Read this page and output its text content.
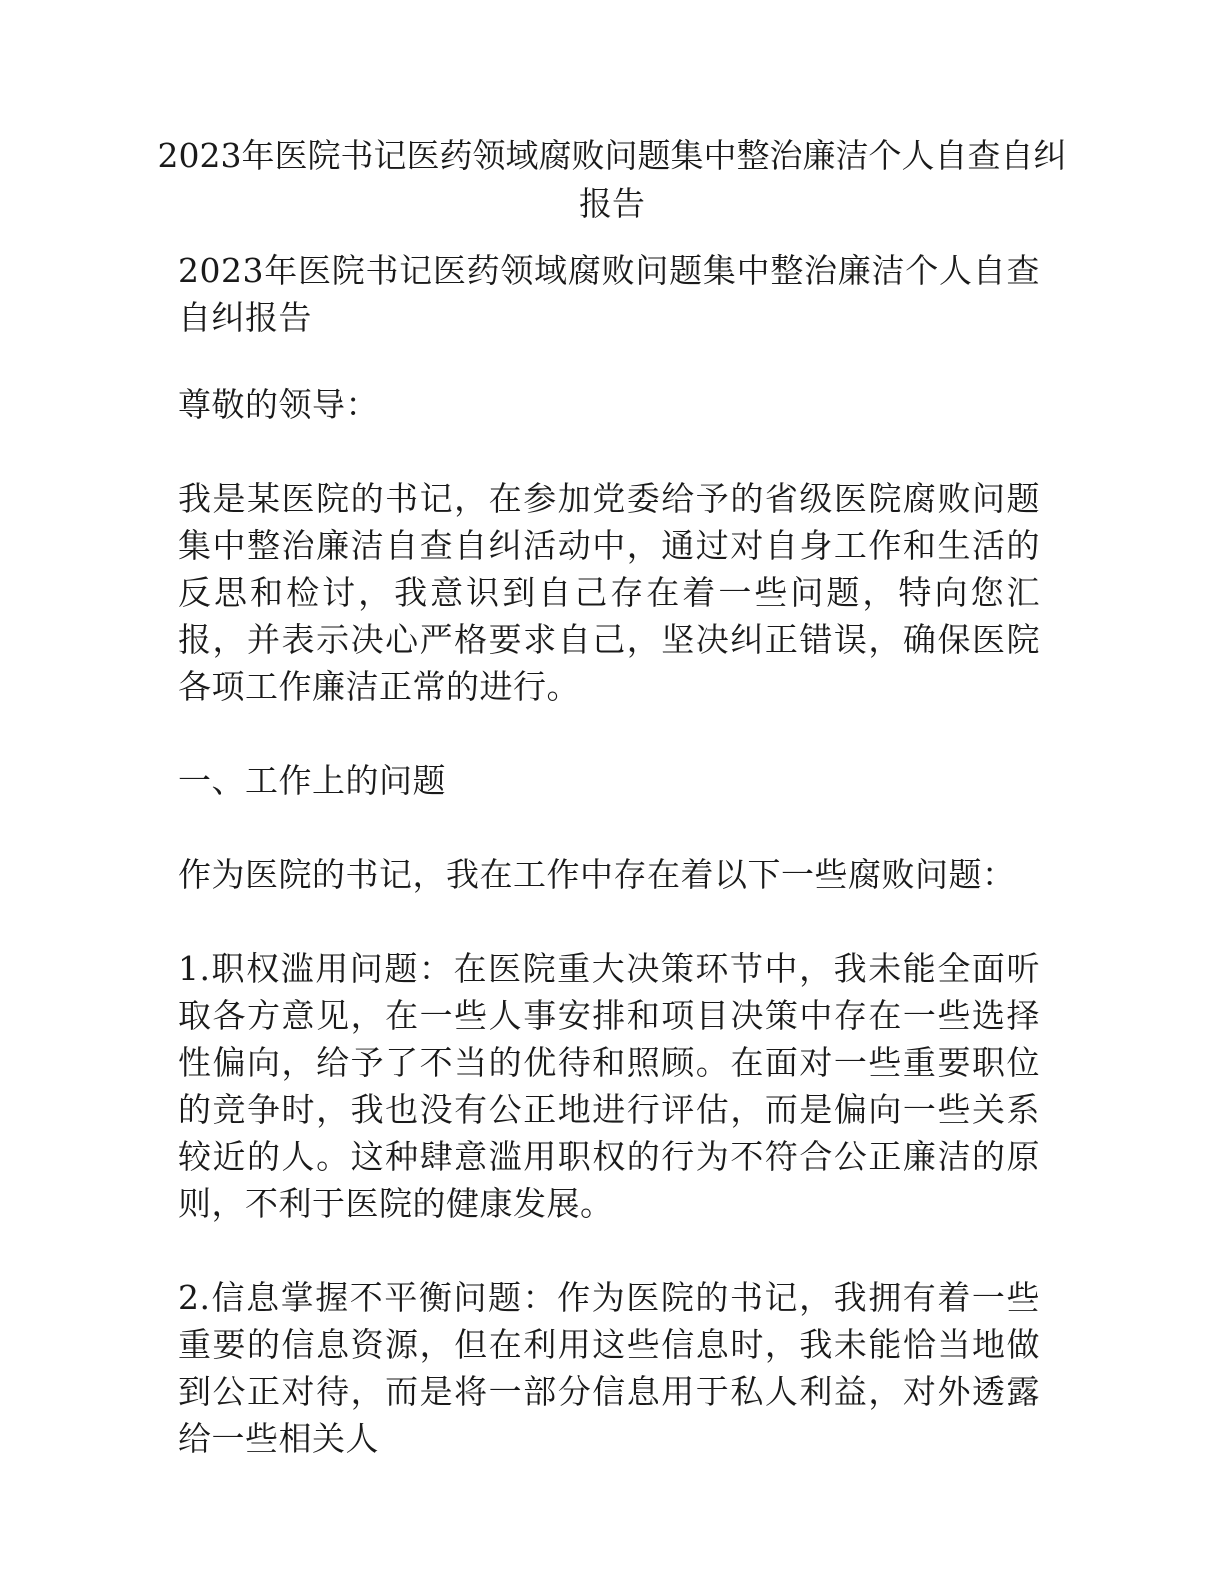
2023年医院书记医药领域腐败问题集中整治廉洁个人自查自纠报告

2023年医院书记医药领域腐败问题集中整治廉洁个人自查自纠报告

尊敬的领导：

我是某医院的书记，在参加党委给予的省级医院腐败问题集中整治廉洁自查自纠活动中，通过对自身工作和生活的反思和检讨，我意识到自己存在着一些问题，特向您汇报，并表示决心严格要求自己，坚决纠正错误，确保医院各项工作廉洁正常的进行。

一、工作上的问题

作为医院的书记，我在工作中存在着以下一些腐败问题：

1.职权滥用问题：在医院重大决策环节中，我未能全面听取各方意见，在一些人事安排和项目决策中存在一些选择性偏向，给予了不当的优待和照顾。在面对一些重要职位的竞争时，我也没有公正地进行评估，而是偏向一些关系较近的人。这种肆意滥用职权的行为不符合公正廉洁的原则，不利于医院的健康发展。

2.信息掌握不平衡问题：作为医院的书记，我拥有着一些重要的信息资源，但在利用这些信息时，我未能恰当地做到公正对待，而是将一部分信息用于私人利益，对外透露给一些相关人
